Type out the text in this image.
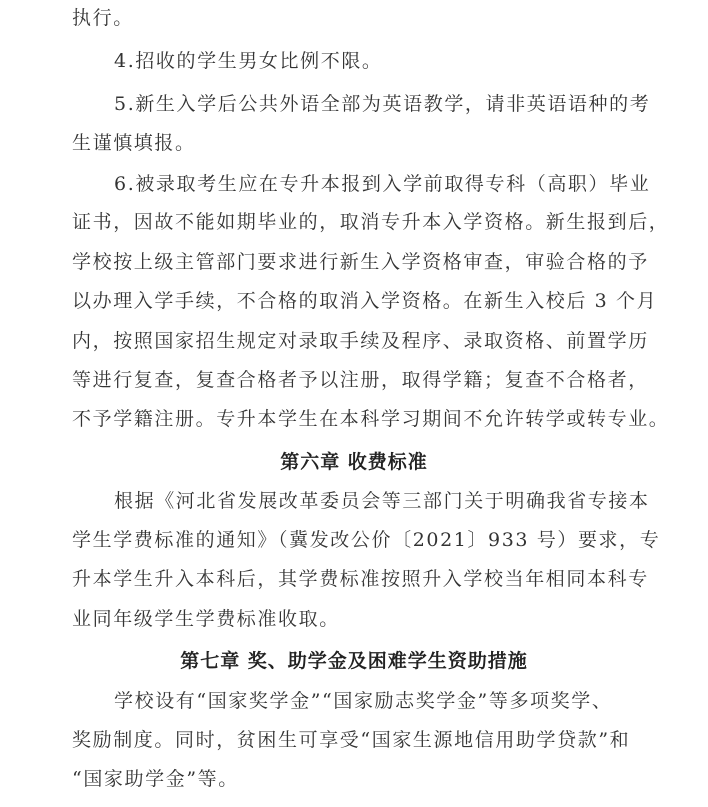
执行。
4.招收的学生男女比例不限。
5.新生入学后公共外语全部为英语教学，请非英语语种的考
生谨慎填报。
6.被录取考生应在专升本报到入学前取得专科（高职）毕业
证书，因故不能如期毕业的，取消专升本入学资格。新生报到后，
学校按上级主管部门要求进行新生入学资格审查，审验合格的予
以办理入学手续，不合格的取消入学资格。在新生入校后 3 个月
内，按照国家招生规定对录取手续及程序、录取资格、前置学历
等进行复查，复查合格者予以注册，取得学籍；复查不合格者，
不予学籍注册。专升本学生在本科学习期间不允许转学或转专业。
第六章 收费标准
根据《河北省发展改革委员会等三部门关于明确我省专接本
学生学费标准的通知》（冀发改公价〔2021〕933 号）要求，专
升本学生升入本科后，其学费标准按照升入学校当年相同本科专
业同年级学生学费标准收取。
第七章 奖、助学金及困难学生资助措施
学校设有“国家奖学金”“国家励志奖学金”等多项奖学、
奖励制度。同时，贫困生可享受“国家生源地信用助学贷款”和
“国家助学金”等。
